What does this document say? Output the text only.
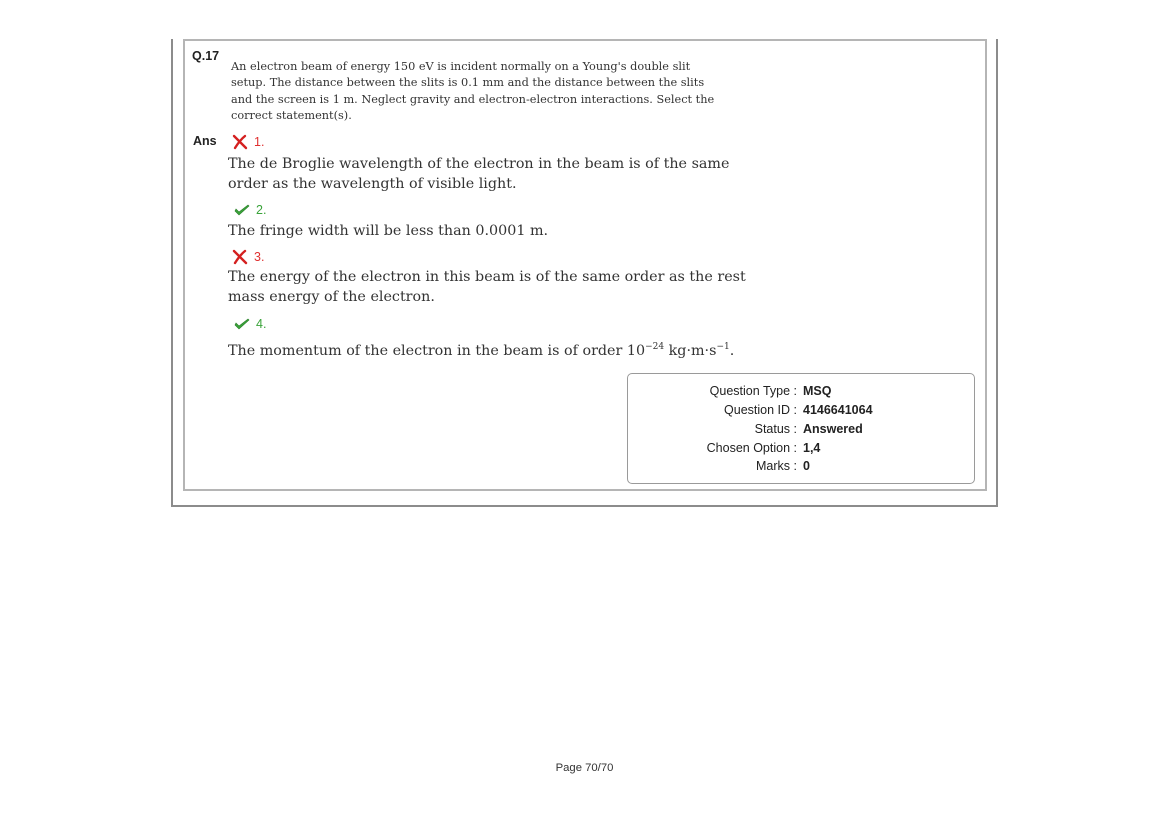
Q.17
An electron beam of energy 150 eV is incident normally on a Young's double slit setup. The distance between the slits is 0.1 mm and the distance between the slits and the screen is 1 m. Neglect gravity and electron-electron interactions. Select the correct statement(s).
Ans	1.
The de Broglie wavelength of the electron in the beam is of the same order as the wavelength of visible light.
2.
The fringe width will be less than 0.0001 m.
3.
The energy of the electron in this beam is of the same order as the rest mass energy of the electron.
4.
The momentum of the electron in the beam is of order $10^{-24}$ $kg\cdot m\cdot s^{-1}$.
Question Type : MSQ
Question ID : 4146641064
Status : Answered
Chosen Option : 1,4
Marks : 0
Page 70/70
